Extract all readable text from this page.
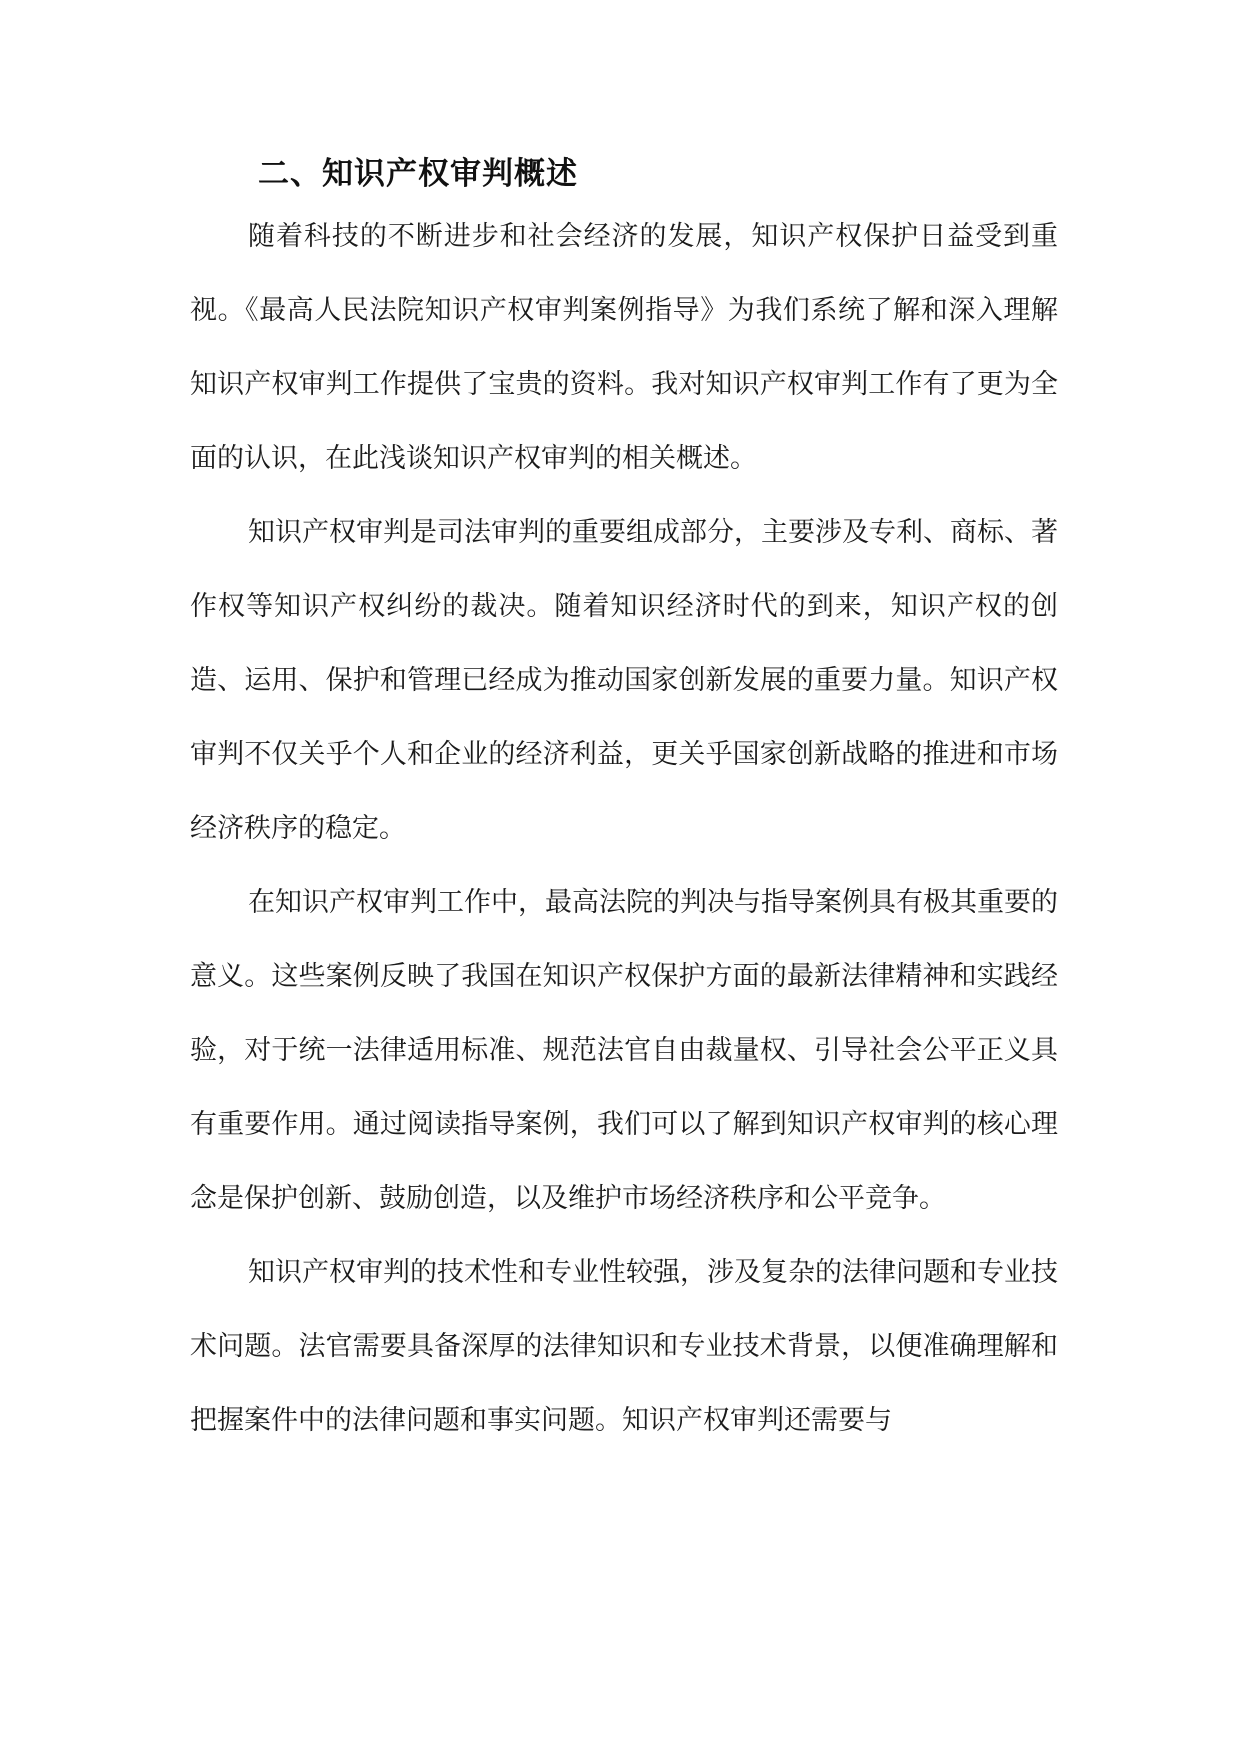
二、知识产权审判概述

随着科技的不断进步和社会经济的发展，知识产权保护日益受到重视。《最高人民法院知识产权审判案例指导》为我们系统了解和深入理解知识产权审判工作提供了宝贵的资料。我对知识产权审判工作有了更为全面的认识，在此浅谈知识产权审判的相关概述。

知识产权审判是司法审判的重要组成部分，主要涉及专利、商标、著作权等知识产权纠纷的裁决。随着知识经济时代的到来，知识产权的创造、运用、保护和管理已经成为推动国家创新发展的重要力量。知识产权审判不仅关乎个人和企业的经济利益，更关乎国家创新战略的推进和市场经济秩序的稳定。

在知识产权审判工作中，最高法院的判决与指导案例具有极其重要的意义。这些案例反映了我国在知识产权保护方面的最新法律精神和实践经验，对于统一法律适用标准、规范法官自由裁量权、引导社会公平正义具有重要作用。通过阅读指导案例，我们可以了解到知识产权审判的核心理念是保护创新、鼓励创造，以及维护市场经济秩序和公平竞争。

知识产权审判的技术性和专业性较强，涉及复杂的法律问题和专业技术问题。法官需要具备深厚的法律知识和专业技术背景，以便准确理解和把握案件中的法律问题和事实问题。知识产权审判还需要与
